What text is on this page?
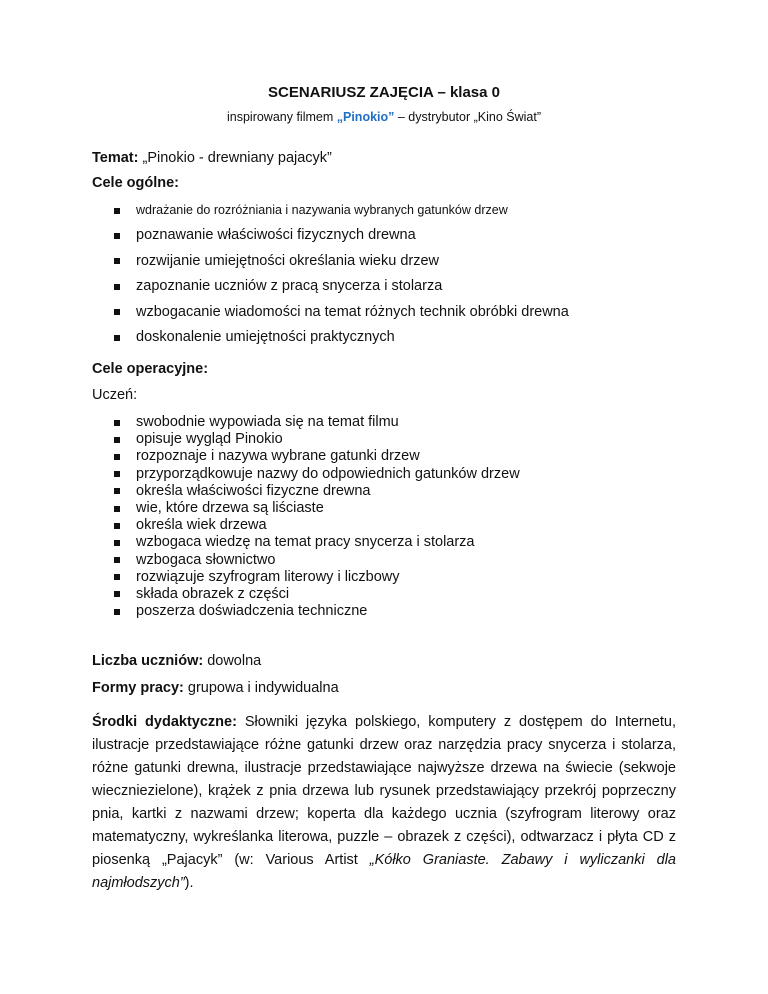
SCENARIUSZ ZAJĘCIA – klasa 0
inspirowany filmem „Pinokio” – dystrybutor „Kino Świat”
Temat: „Pinokio - drewniany pajacyk”
Cele ogólne:
wdrażanie do rozróżniania i nazywania wybranych gatunków drzew
poznawanie właściwości fizycznych drewna
rozwijanie umiejętności określania wieku drzew
zapoznanie uczniów z pracą snycerza i stolarza
wzbogacanie wiadomości na temat różnych technik obróbki drewna
doskonalenie umiejętności praktycznych
Cele operacyjne:
Uczeń:
swobodnie wypowiada się na temat filmu
opisuje wygląd Pinokio
rozpoznaje i nazywa wybrane gatunki drzew
przyporządkowuje nazwy do odpowiednich gatunków drzew
określa właściwości fizyczne drewna
wie, które drzewa są liściaste
określa wiek drzewa
wzbogaca wiedzę na temat pracy snycerza i stolarza
wzbogaca słownictwo
rozwiązuje szyfrogram literowy i liczbowy
składa obrazek z części
poszerza doświadczenia techniczne
Liczba uczniów: dowolna
Formy pracy: grupowa i indywidualna

Środki dydaktyczne: Słowniki języka polskiego, komputery z dostępem do Internetu, ilustracje przedstawiające różne gatunki drzew oraz narzędzia pracy snycerza i stolarza, różne gatunki drewna, ilustracje przedstawiające najwyższe drzewa na świecie (sekwoje wieczniezielone), krążek z pnia drzewa lub rysunek przedstawiający przekrój poprzeczny pnia, kartki z nazwami drzew; koperta dla każdego ucznia (szyfrogram literowy oraz matematyczny, wykreślanka literowa, puzzle – obrazek z części), odtwarzacz i płyta CD z piosenką „Pajacyk” (w: Various Artist „Kółko Graniaste. Zabawy i wyliczanki dla najmłodszych”).
